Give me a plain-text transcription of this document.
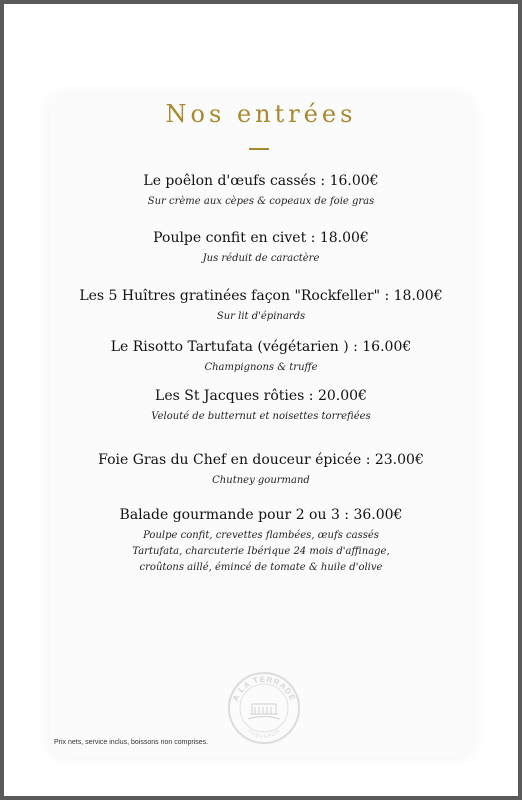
Nos entrées
Le poêlon d'œufs cassés : 16.00€
Sur crème aux cèpes & copeaux de foie gras
Poulpe confit en civet : 18.00€
Jus réduit de caractère
Les 5 Huîtres gratinées façon "Rockfeller" : 18.00€
Sur lit d'épinards
Le Risotto Tartufata (végétarien ) : 16.00€
Champignons & truffe
Les St Jacques rôties : 20.00€
Velouté de butternut et noisettes torrefiées
Foie Gras du Chef en douceur épicée : 23.00€
Chutney gourmand
Balade gourmande pour 2 ou 3 : 36.00€
Poulpe confit, crevettes flambées, œufs cassés
Tartufata, charcuterie Ibérique 24 mois d'affinage,
croûtons aillé, émincé de tomate & huile d'olive
A LA TERRADE
AUBUSSON
Prix nets, service inclus, boissons non comprises.
